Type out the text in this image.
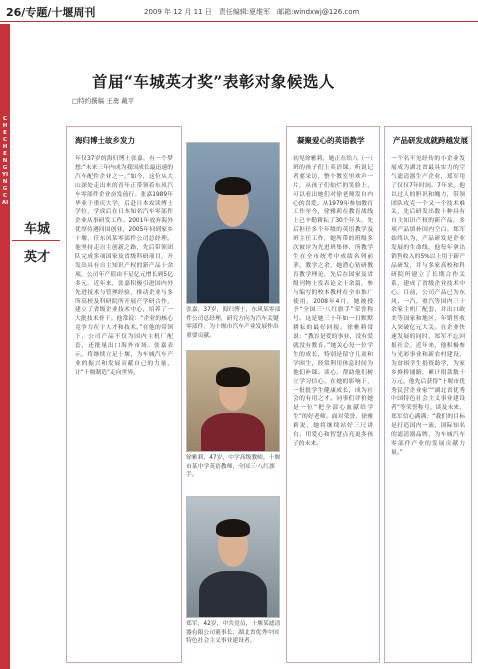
26/专题/十堰周刊	2009 年 12 月 11 日　责任编辑:夏维军　邮箱:windxwj@126.com
CHE CHENG YING CAI
车城
英才
首届“车城英才奖”表彰对象候选人
□特约撰稿 王勇 戴平
海归博士故乡发力
年仅37岁的海归博士张嘉，有一个梦想:“未来三年内成为我国成长最迅速的汽车配件企业之一。”如今，这位从大山深处走出来的青年正带领着东风汽车零部件企业奋发前行。张嘉1989年毕业于重庆大学，后赴日本攻读博士学位，学成后在日本知名汽车零部件企业从事研发工作。2001年放弃海外优厚待遇回国创业，2005年回到家乡十堰，任东风某零部件公司总经理。他坚持走自主创新之路，先后带领团队完成多项国家及省级科研项目，开发出具有自主知识产权的新产品十余项，公司年产值由不足亿元增长到5亿多元。近年来，张嘉积极引进国内外先进技术与管理经验，推动企业与多所高校及科研院所开展产学研合作，建立了省级企业技术中心，培养了一大批技术骨干。他常说：“企业的核心竞争力在于人才和技术。”在他的带领下，公司产品不仅为国内主机厂配套，还批量出口海外市场。张嘉表示，将继续立足十堰，为车城汽车产业的振兴和发展贡献自己的力量，让“十堰制造”走向世界。
张嘉，37岁，海归博士，东风某零部件公司总经理，研究方向为汽车关键零部件，为十堰市汽车产业发展作出重要贡献。
徐雅莉，47岁，中学高级教师，十堰市某中学英语教师，全国三·八红旗手。
郑军，42岁，中共党员，十堰某滤清器有限公司董事长，湖北省优秀中国特色社会主义事业建设者。
凝聚爱心的英语教学
初见徐雅莉，她正在给八（一）班的孩子们上英语课。听说记者要采访，整个教室里欢声一片，从孩子们灿烂的笑脸上，可以看出她们对徐老师发自内心的喜爱。从1979年参加教育工作至今，徐雅莉在教育战线上已辛勤耕耘了30个年头，先后担任多个年级的英语教学及班主任工作，她所带的班级多次被评为先进班集体，所教学生在全市统考中成绩名列前茅。教学之余，她潜心钻研教育教学理论，先后在国家及省级刊物上发表论文十余篇，参与编写的校本教材在全市推广使用。2008年4月，她被授予“全国三·八红旗手”荣誉称号。这是她三十年如一日默默耕耘的最好回报。徐雅莉常说：“教育是爱的事业，没有爱就没有教育。”她关心每一位学生的成长，特别是留守儿童和学困生，经常利用休息时间为他们补课、谈心，帮助他们树立学习信心。在她的影响下，一批批学生健康成长，成为社会的有用之才。同事们评价她是一位“把全部心血献给学生”的好老师。面对荣誉，徐雅莉说，她将继续站好三尺讲台，用爱心和智慧点亮更多孩子的未来。
产品研发成就跨越发展
一个名不见经传的小企业发展成为湖北省最具实力的空气滤清器生产企业，郑军用了仅仅7年时间。7年来，他以过人的胆识和魄力，带领团队攻克一个又一个技术难关，先后研发出数十种具有自主知识产权的新产品，多项产品填补国内空白。郑军始终认为，产品研发是企业发展的生命线。他每年拿出销售收入的5%以上用于新产品研发，并与多家高校和科研院所建立了长期合作关系，建成了省级企业技术中心。目前，公司产品已为东风、一汽、重汽等国内三十余家主机厂配套，并出口欧美等国家和地区，年销售收入突破亿元大关。在企业快速发展的同时，郑军不忘回报社会。近年来，他积极参与光彩事业和新农村建设，为贫困学生捐资助学，为家乡修桥铺路，累计捐款数十万元。他先后获得“十堰市优秀民营企业家”“湖北省优秀中国特色社会主义事业建设者”等荣誉称号。谈及未来，郑军信心满满：“我们的目标是打造国内一流、国际知名的滤清器品牌，为车城汽车零部件产业的发展贡献力量。”
